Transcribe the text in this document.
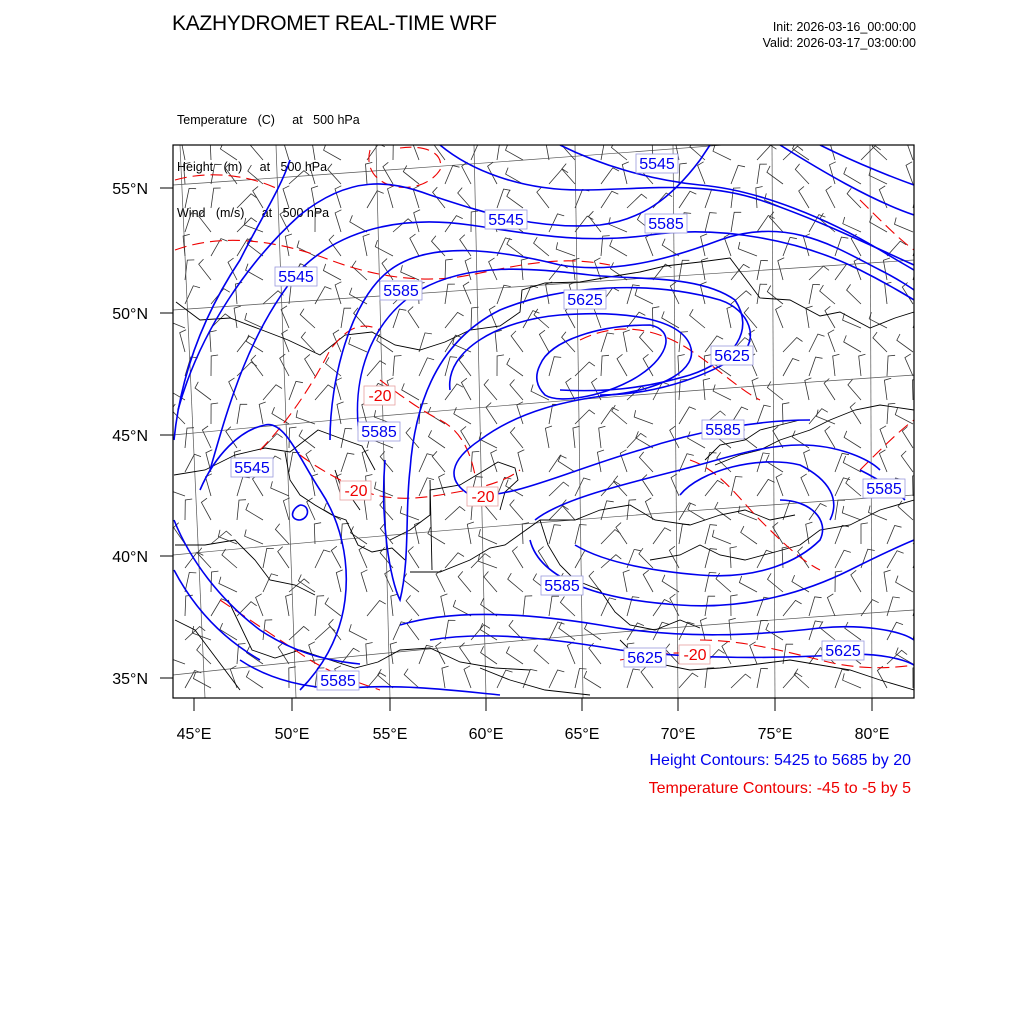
KAZHYDROMET REAL-TIME WRF	Init: 2026-03-16_00:00:00
Valid: 2026-03-17_03:00:00

Temperature   (C)     at   500 hPa

Height   (m)     at   500 hPa

Wind   (m/s)     at   500 hPa

55°N
50°N
45°N
40°N
35°N
45°E	50°E	55°E	60°E	65°E	70°E	75°E	80°E
5545
5545
5545
5545
5585
5585
5585	5585
5585
5585
5585
5625
5625
5625	5625
-20
-20	-20
-20
Height Contours: 5425 to 5685 by 20
Temperature Contours: -45 to -5 by 5
